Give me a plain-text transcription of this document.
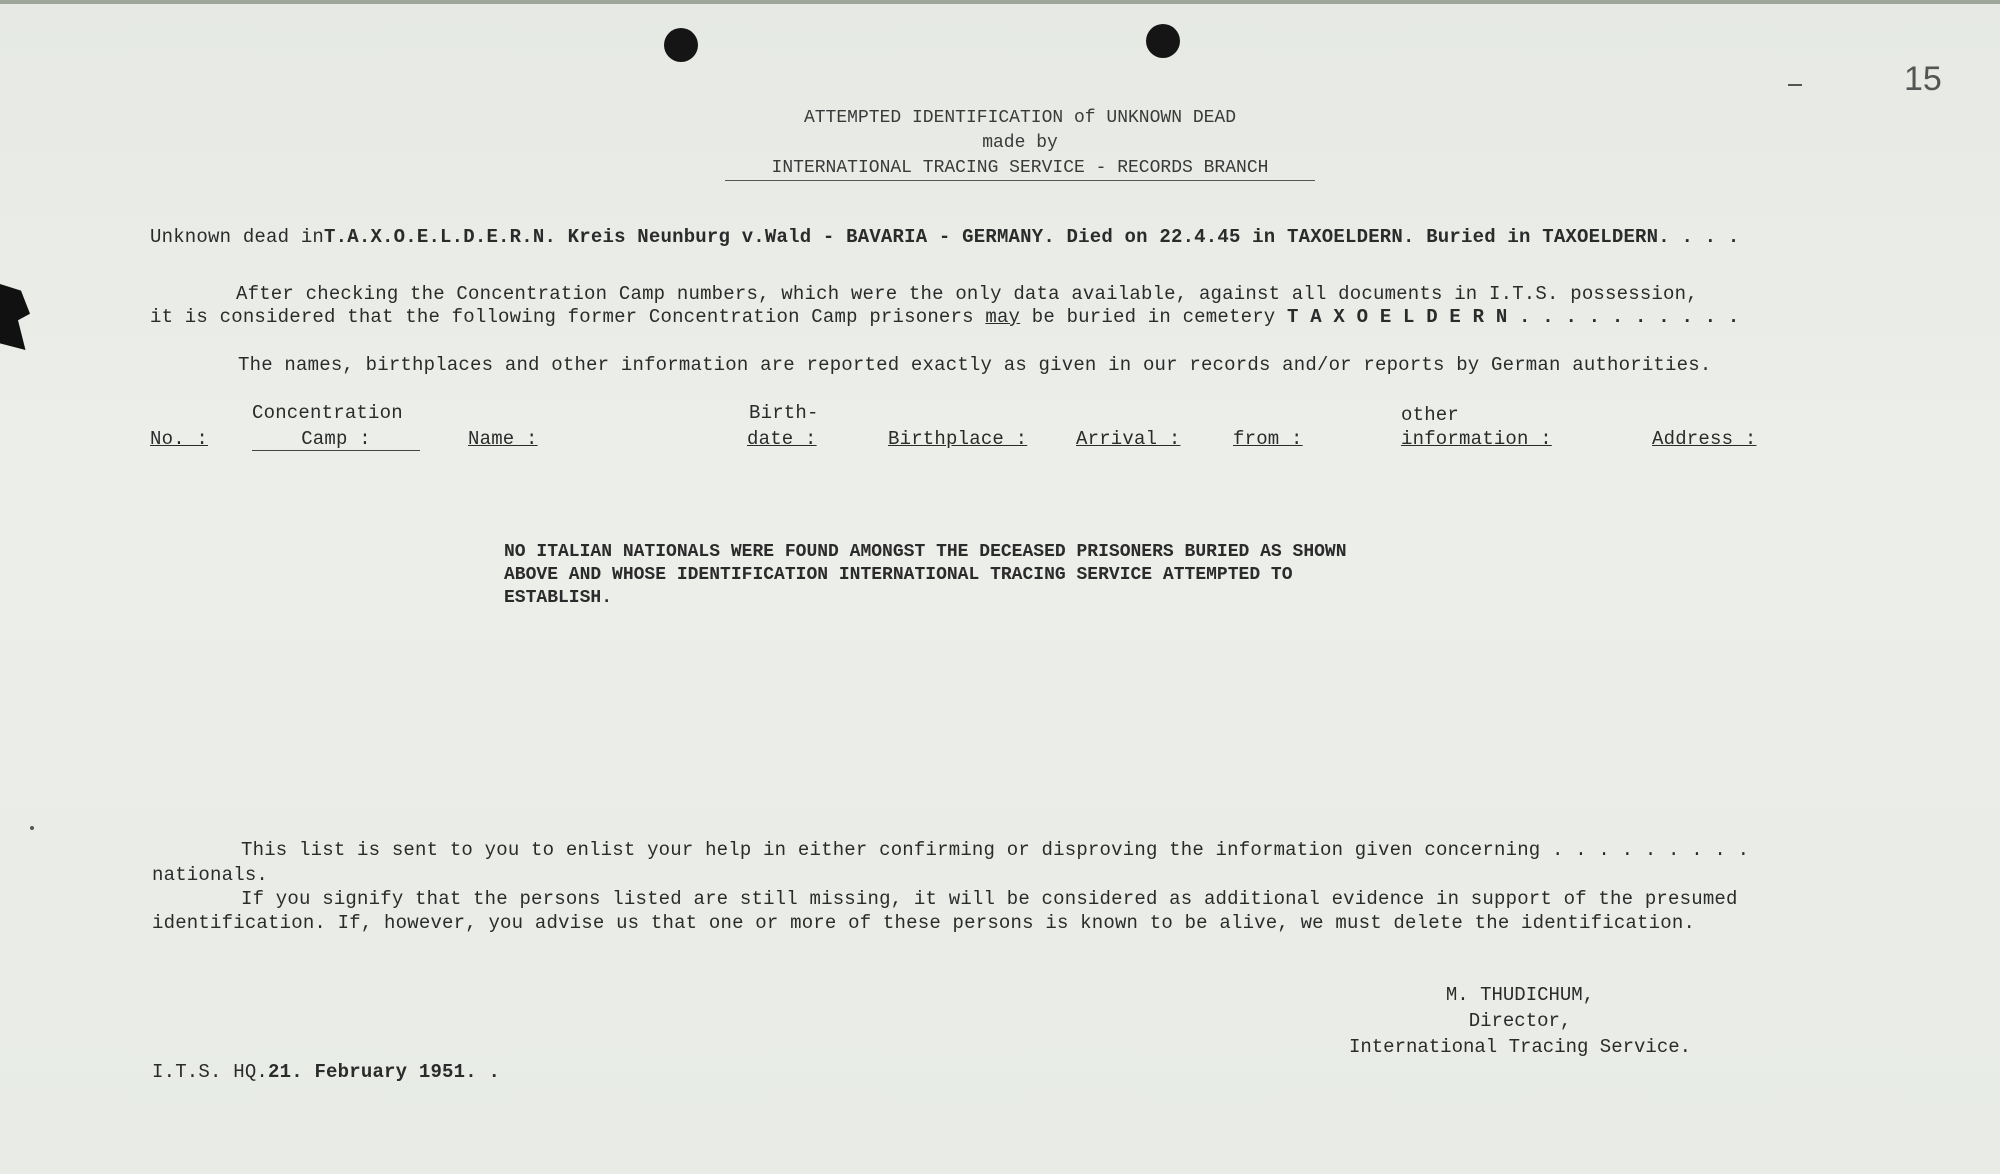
15
ATTEMPTED IDENTIFICATION of UNKNOWN DEAD
made by
INTERNATIONAL TRACING SERVICE - RECORDS BRANCH
Unknown dead inT.A.X.O.E.L.D.E.R.N. Kreis Neunburg v.Wald - BAVARIA - GERMANY. Died on 22.4.45 in TAXOELDERN. Buried in TAXOELDERN. . . .
After checking the Concentration Camp numbers, which were the only data available, against all documents in I.T.S. possession,
it is considered that the following former Concentration Camp prisoners may be buried in cemetery T A X O E L D E R N . . . . . . . . . .
The names, birthplaces and other information are reported exactly as given in our records and/or reports by German authorities.
Concentration	Birth-	other
No. :	Camp :	Name :	date :	Birthplace :	Arrival :	from :	information :	Address :
NO ITALIAN NATIONALS WERE FOUND AMONGST THE DECEASED PRISONERS BURIED AS SHOWN ABOVE AND WHOSE IDENTIFICATION INTERNATIONAL TRACING SERVICE ATTEMPTED TO ESTABLISH.
This list is sent to you to enlist your help in either confirming or disproving the information given concerning . . . . . . . . .
nationals.
If you signify that the persons listed are still missing, it will be considered as additional evidence in support of the presumed
identification. If, however, you advise us that one or more of these persons is known to be alive, we must delete the identification.
M. THUDICHUM,
Director,
International Tracing Service.
I.T.S. HQ.21. February 1951. .
